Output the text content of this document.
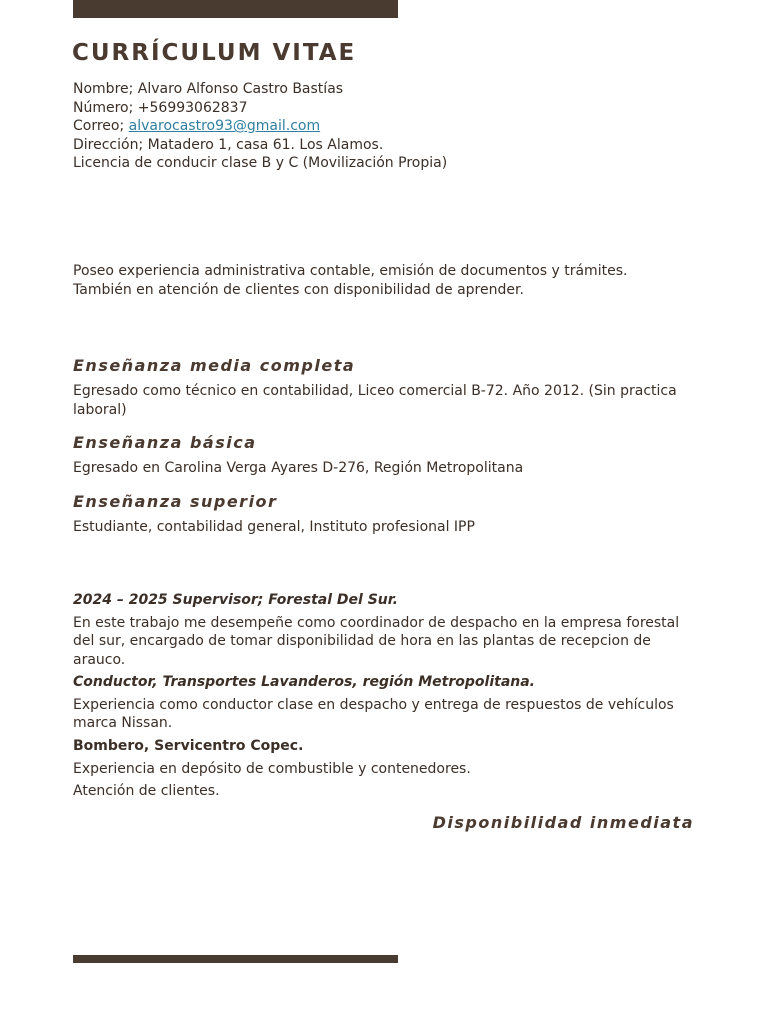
CURRÍCULUM VITAE
Nombre; Alvaro Alfonso Castro Bastías
Número; +56993062837
Correo; alvarocastro93@gmail.com
Dirección; Matadero 1, casa 61. Los Alamos.
Licencia de conducir clase B y C (Movilización Propia)

Poseo experiencia administrativa contable, emisión de documentos y trámites.

También en atención de clientes con disponibilidad de aprender.

Enseñanza media completa

Egresado como técnico en contabilidad, Liceo comercial B-72. Año 2012. (Sin practica laboral)

Enseñanza básica

Egresado en Carolina Verga Ayares D-276, Región Metropolitana

Enseñanza superior

Estudiante, contabilidad general, Instituto profesional IPP

2024 – 2025 Supervisor; Forestal Del Sur.

En este trabajo me desempeñe como coordinador de despacho en la empresa forestal del sur, encargado de tomar disponibilidad de hora en las plantas de recepcion de arauco.

Conductor, Transportes Lavanderos, región Metropolitana.

Experiencia como conductor clase en despacho y entrega de respuestos de vehículos marca Nissan.

Bombero, Servicentro Copec.

Experiencia en depósito de combustible y contenedores.

Atención de clientes.

Disponibilidad inmediata
